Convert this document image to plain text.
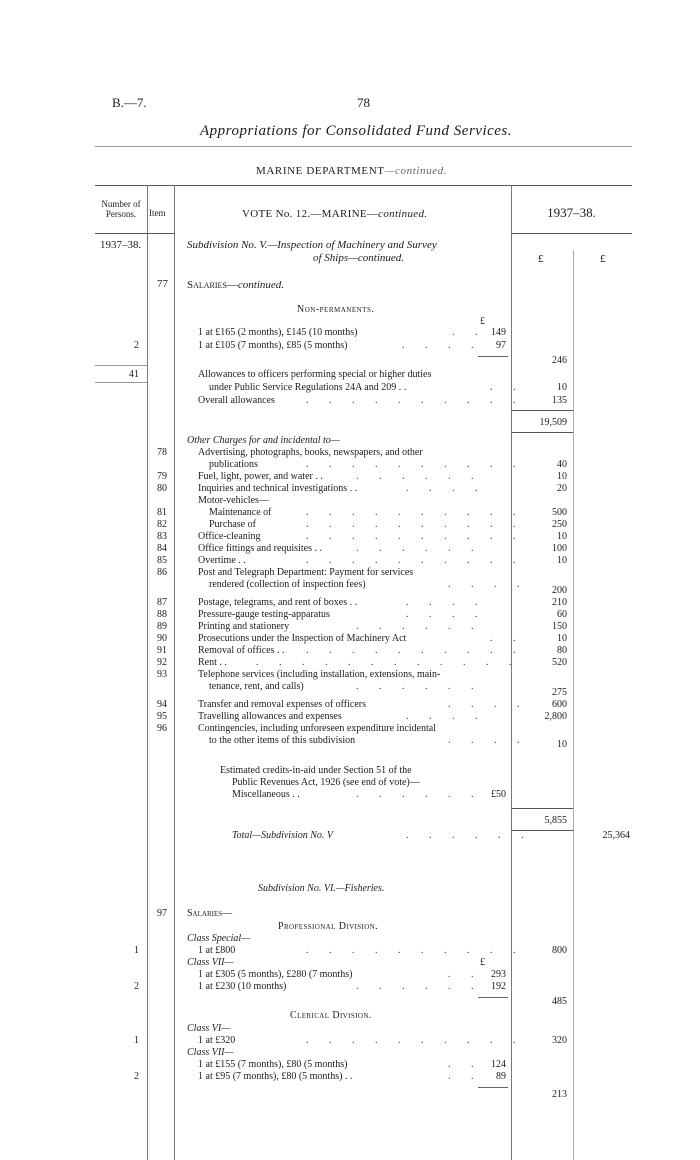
B.—7.	78
Appropriations for Consolidated Fund Services.
MARINE DEPARTMENT—continued.
Number of Persons.	Item	1937–38.
1937–38.
£	£
VOTE No. 12.—MARINE—continued.
Subdivision No. V.—Inspection of Machinery and Survey
of Ships—continued.
77 Salaries—continued.
Non-permanents.
£
1 at £165 (2 months), £145 (10 months)	. . 149
2	1 at £105 (7 months), £85 (5 months)	. . . .	97
246
41	Allowances to officers performing special or higher duties
under Public Service Regulations 24A and 209 . .	. .	10
Overall allowances	. . . . . . . . . .	135
19,509
Other Charges for and incidental to—
78	Advertising, photographs, books, newspapers, and other
publications	. . . . . . . . . .	40
79	Fuel, light, power, and water . .	. . . . . .	10
80	Inquiries and technical investigations . .	. . . .	20
Motor-vehicles—
81	Maintenance of	. . . . . . . . . .	500
82	Purchase of	. . . . . . . . . .	250
83	Office-cleaning	. . . . . . . . . .	10
84	Office fittings and requisites . .	. . . . . .	100
85	Overtime . .	. . . . . . . . . .	10
86	Post and Telegraph Department: Payment for services
rendered (collection of inspection fees)	. . . .
200
87	Postage, telegrams, and rent of boxes . .	. . . .	210
88	Pressure-gauge testing-apparatus	. . . .	60
89	Printing and stationery	. . . . . .	150
90	Prosecutions under the Inspection of Machinery Act	. .	10
91	Removal of offices . . . . . . . . . . . .	80
92	Rent . .	. . . . . . . . . . . .	520
93	Telephone services (including installation, extensions, main-
tenance, rent, and calls)	. . . . . .
275
94	Transfer and removal expenses of officers	. . . .	600
95	Travelling allowances and expenses	. . . .	2,800
96	Contingencies, including unforeseen expenditure incidental
to the other items of this subdivision	. . . .	10
Estimated credits-in-aid under Section 51 of the
Public Revenues Act, 1926 (see end of vote)—
Miscellaneous . .	. . . . . . £50
5,855
Total—Subdivision No. V	. . . . . .	25,364
Subdivision No. VI.—Fisheries.
97 Salaries—
Professional Division.
Class Special—
1	1 at £800	. . . . . . . . . .	800
Class VII—	£
1 at £305 (5 months), £280 (7 months)	. . 293
2	1 at £230 (10 months)	. . . . . . 192
485
Clerical Division.
Class VI—
1	1 at £320	. . . . . . . . . .	320
Class VII—
1 at £155 (7 months), £80 (5 months)	. . 124
2	1 at £95 (7 months), £80 (5 months) . .	. .	89
213
